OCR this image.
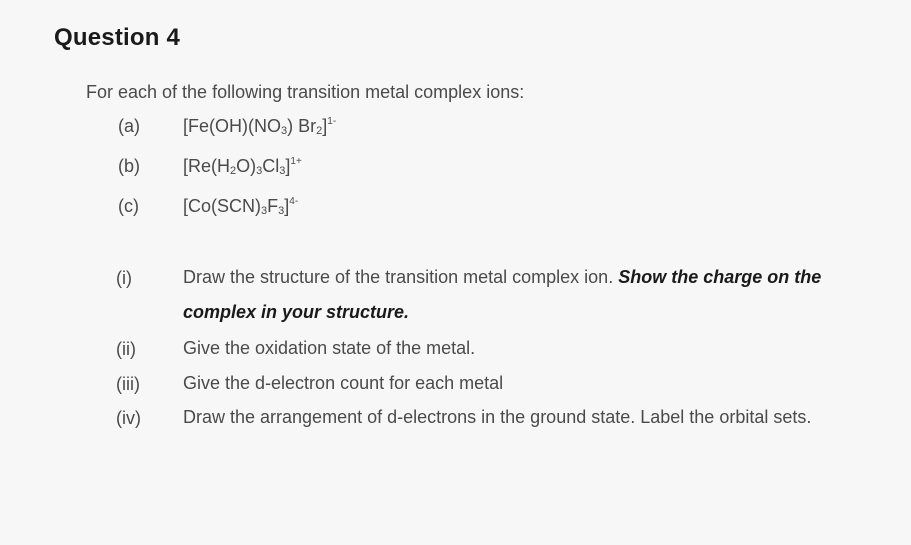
Question 4
For each of the following transition metal complex ions:
(a)	[$Fe(OH)(NO_3)$ $Br_2]^{1-}$
(b)	$[Re(H_2O)_3Cl_3]^{1+}$
(c)	$[Co(SCN)_3F_3]^{4-}$
(i)	Draw the structure of the transition metal complex ion. Show the charge on the complex in your structure.
(ii)	Give the oxidation state of the metal.
(iii) Give the d-electron count for each metal
(iv) Draw the arrangement of d-electrons in the ground state. Label the orbital sets.
